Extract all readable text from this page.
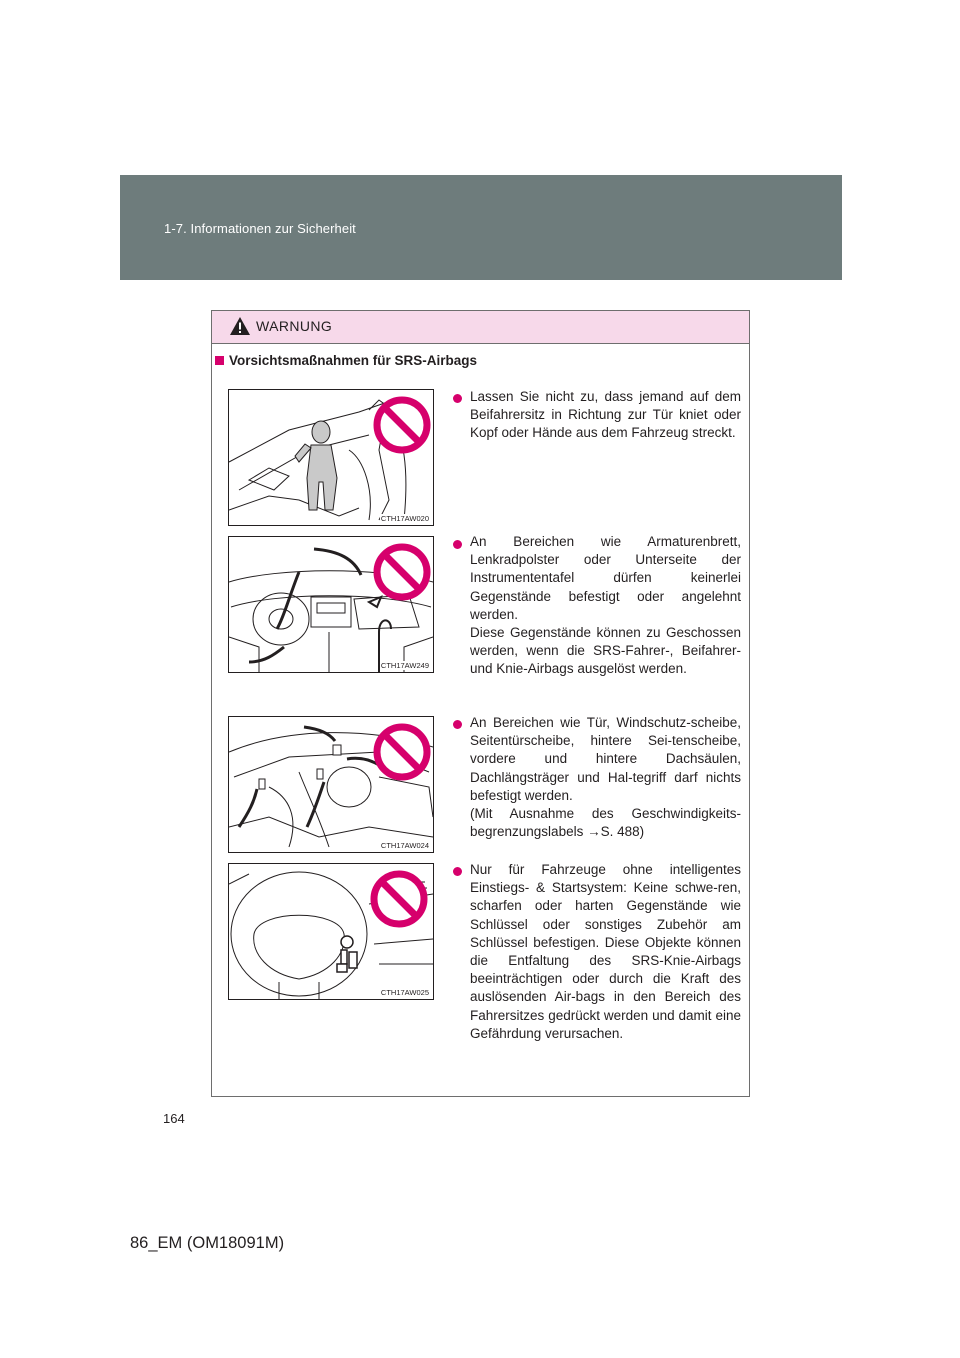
1-7. Informationen zur Sicherheit
WARNUNG
Vorsichtsmaßnahmen für SRS-Airbags
CTH17AW020
Lassen Sie nicht zu, dass jemand auf dem Beifahrersitz in Richtung zur Tür kniet oder Kopf oder Hände aus dem Fahrzeug streckt.
CTH17AW249
An Bereichen wie Armaturenbrett, Lenkradpolster oder Unterseite der Instrumententafel dürfen keinerlei Gegenstände befestigt oder angelehnt werden.
Diese Gegenstände können zu Geschossen werden, wenn die SRS-Fahrer-, Beifahrer- und Knie-Airbags ausgelöst werden.
CTH17AW024
An Bereichen wie Tür, Windschutz-scheibe, Seitentürscheibe, hintere Sei-tenscheibe, vordere und hintere Dachsäulen, Dachlängsträger und Hal-tegriff darf nichts befestigt werden.
(Mit Ausnahme des Geschwindigkeits-begrenzungslabels →S. 488)
CTH17AW025
Nur für Fahrzeuge ohne intelligentes Einstiegs- & Startsystem: Keine schwe-ren, scharfen oder harten Gegenstände wie Schlüssel oder sonstiges Zubehör am Schlüssel befestigen. Diese Objekte können die Entfaltung des SRS-Knie-Airbags beeinträchtigen oder durch die Kraft des auslösenden Air-bags in den Bereich des Fahrersitzes gedrückt werden und damit eine Gefährdung verursachen.
164
86_EM (OM18091M)
